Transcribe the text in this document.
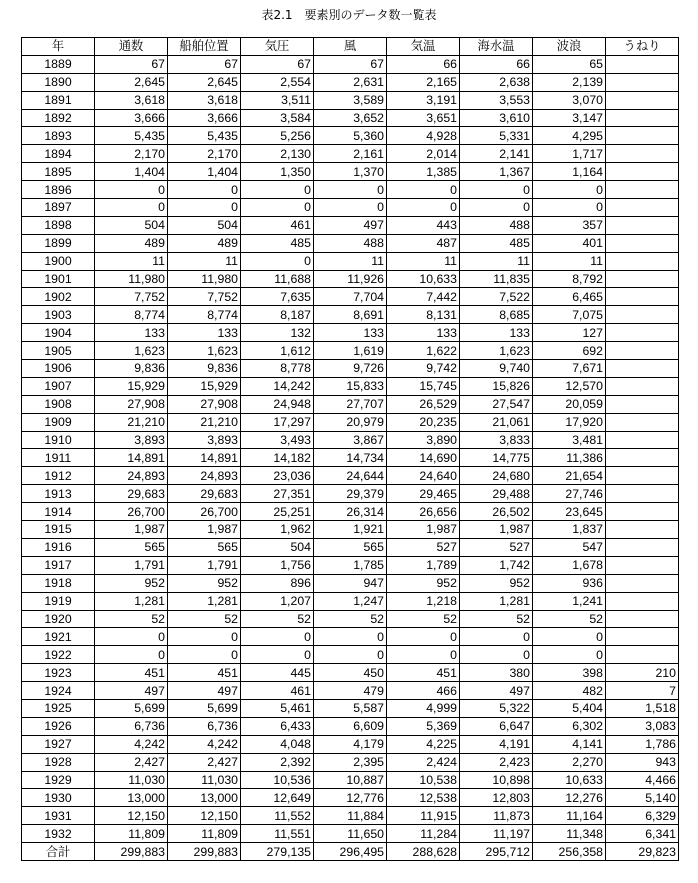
表2.1　要素別のデータ数一覧表
年	通数	船舶位置	気圧	風	気温	海水温	波浪	うねり
1889	67	67	67	67	66	66	65	
1890	2,645	2,645	2,554	2,631	2,165	2,638	2,139	
1891	3,618	3,618	3,511	3,589	3,191	3,553	3,070	
1892	3,666	3,666	3,584	3,652	3,651	3,610	3,147	
1893	5,435	5,435	5,256	5,360	4,928	5,331	4,295	
1894	2,170	2,170	2,130	2,161	2,014	2,141	1,717	
1895	1,404	1,404	1,350	1,370	1,385	1,367	1,164	
1896	0	0	0	0	0	0	0	
1897	0	0	0	0	0	0	0	
1898	504	504	461	497	443	488	357	
1899	489	489	485	488	487	485	401	
1900	11	11	0	11	11	11	11	
1901	11,980	11,980	11,688	11,926	10,633	11,835	8,792	
1902	7,752	7,752	7,635	7,704	7,442	7,522	6,465	
1903	8,774	8,774	8,187	8,691	8,131	8,685	7,075	
1904	133	133	132	133	133	133	127	
1905	1,623	1,623	1,612	1,619	1,622	1,623	692	
1906	9,836	9,836	8,778	9,726	9,742	9,740	7,671	
1907	15,929	15,929	14,242	15,833	15,745	15,826	12,570	
1908	27,908	27,908	24,948	27,707	26,529	27,547	20,059	
1909	21,210	21,210	17,297	20,979	20,235	21,061	17,920	
1910	3,893	3,893	3,493	3,867	3,890	3,833	3,481	
1911	14,891	14,891	14,182	14,734	14,690	14,775	11,386	
1912	24,893	24,893	23,036	24,644	24,640	24,680	21,654	
1913	29,683	29,683	27,351	29,379	29,465	29,488	27,746	
1914	26,700	26,700	25,251	26,314	26,656	26,502	23,645	
1915	1,987	1,987	1,962	1,921	1,987	1,987	1,837	
1916	565	565	504	565	527	527	547	
1917	1,791	1,791	1,756	1,785	1,789	1,742	1,678	
1918	952	952	896	947	952	952	936	
1919	1,281	1,281	1,207	1,247	1,218	1,281	1,241	
1920	52	52	52	52	52	52	52	
1921	0	0	0	0	0	0	0	
1922	0	0	0	0	0	0	0	
1923	451	451	445	450	451	380	398	210
1924	497	497	461	479	466	497	482	7
1925	5,699	5,699	5,461	5,587	4,999	5,322	5,404	1,518
1926	6,736	6,736	6,433	6,609	5,369	6,647	6,302	3,083
1927	4,242	4,242	4,048	4,179	4,225	4,191	4,141	1,786
1928	2,427	2,427	2,392	2,395	2,424	2,423	2,270	943
1929	11,030	11,030	10,536	10,887	10,538	10,898	10,633	4,466
1930	13,000	13,000	12,649	12,776	12,538	12,803	12,276	5,140
1931	12,150	12,150	11,552	11,884	11,915	11,873	11,164	6,329
1932	11,809	11,809	11,551	11,650	11,284	11,197	11,348	6,341
合計	299,883	299,883	279,135	296,495	288,628	295,712	256,358	29,823
